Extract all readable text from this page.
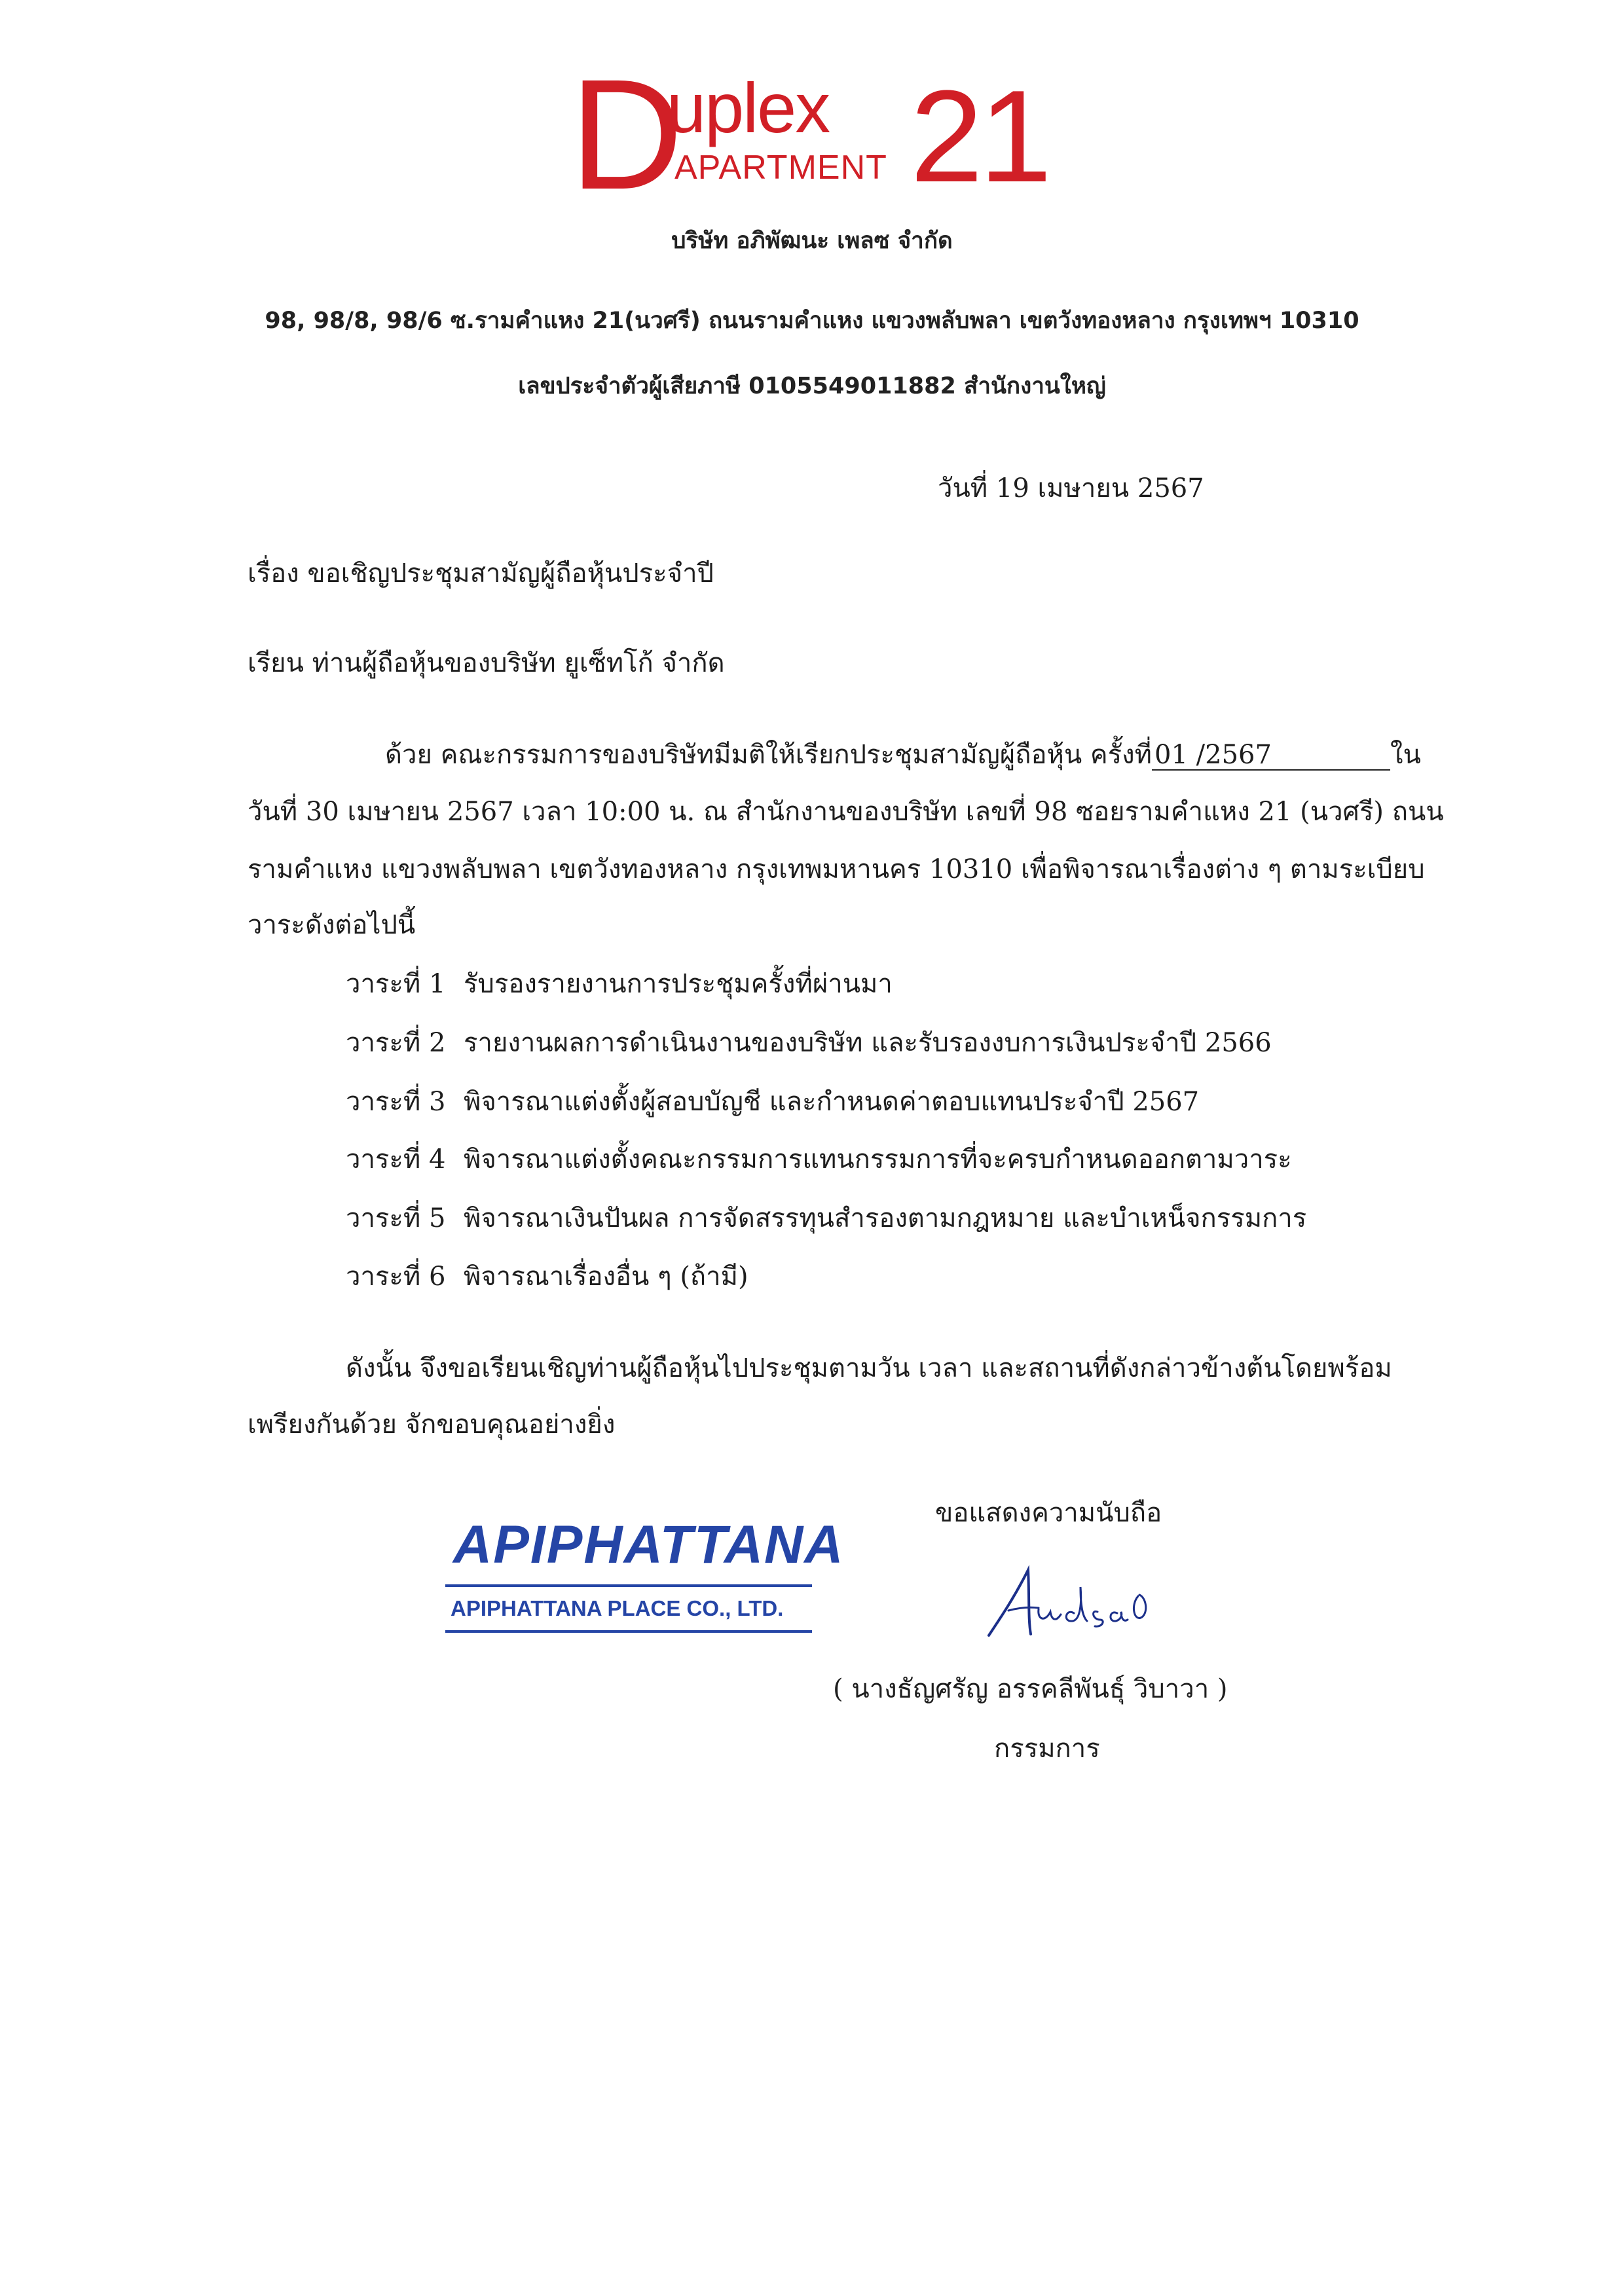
D
uplex
APARTMENT 21
บริษัท อภิพัฒนะ เพลซ จำกัด
98, 98/8, 98/6 ซ.รามคำแหง 21(นวศรี) ถนนรามคำแหง แขวงพลับพลา เขตวังทองหลาง กรุงเทพฯ 10310
เลขประจำตัวผู้เสียภาษี 0105549011882 สำนักงานใหญ่
วันที่ 19 เมษายน 2567
เรื่อง ขอเชิญประชุมสามัญผู้ถือหุ้นประจำปี
เรียน ท่านผู้ถือหุ้นของบริษัท ยูเซ็ทโก้ จำกัด
ด้วย คณะกรรมการของบริษัทมีมติให้เรียกประชุมสามัญผู้ถือหุ้น ครั้งที่ 01 /2567	ใน
วันที่ 30 เมษายน 2567 เวลา 10:00 น. ณ สำนักงานของบริษัท เลขที่ 98 ซอยรามคำแหง 21 (นวศรี) ถนน
รามคำแหง แขวงพลับพลา เขตวังทองหลาง กรุงเทพมหานคร 10310 เพื่อพิจารณาเรื่องต่าง ๆ ตามระเบียบ
วาระดังต่อไปนี้
วาระที่ 1 รับรองรายงานการประชุมครั้งที่ผ่านมา
วาระที่ 2 รายงานผลการดำเนินงานของบริษัท และรับรองงบการเงินประจำปี 2566
วาระที่ 3 พิจารณาแต่งตั้งผู้สอบบัญชี และกำหนดค่าตอบแทนประจำปี 2567
วาระที่ 4 พิจารณาแต่งตั้งคณะกรรมการแทนกรรมการที่จะครบกำหนดออกตามวาระ
วาระที่ 5 พิจารณาเงินปันผล การจัดสรรทุนสำรองตามกฎหมาย และบำเหน็จกรรมการ
วาระที่ 6 พิจารณาเรื่องอื่น ๆ (ถ้ามี)
ดังนั้น จึงขอเรียนเชิญท่านผู้ถือหุ้นไปประชุมตามวัน เวลา และสถานที่ดังกล่าวข้างต้นโดยพร้อม
เพรียงกันด้วย จักขอบคุณอย่างยิ่ง
ขอแสดงความนับถือ
APIPHATTANA
APIPHATTANA PLACE CO., LTD.
( นางธัญศรัญ อรรคลีพันธุ์ วิบาวา )
กรรมการ
